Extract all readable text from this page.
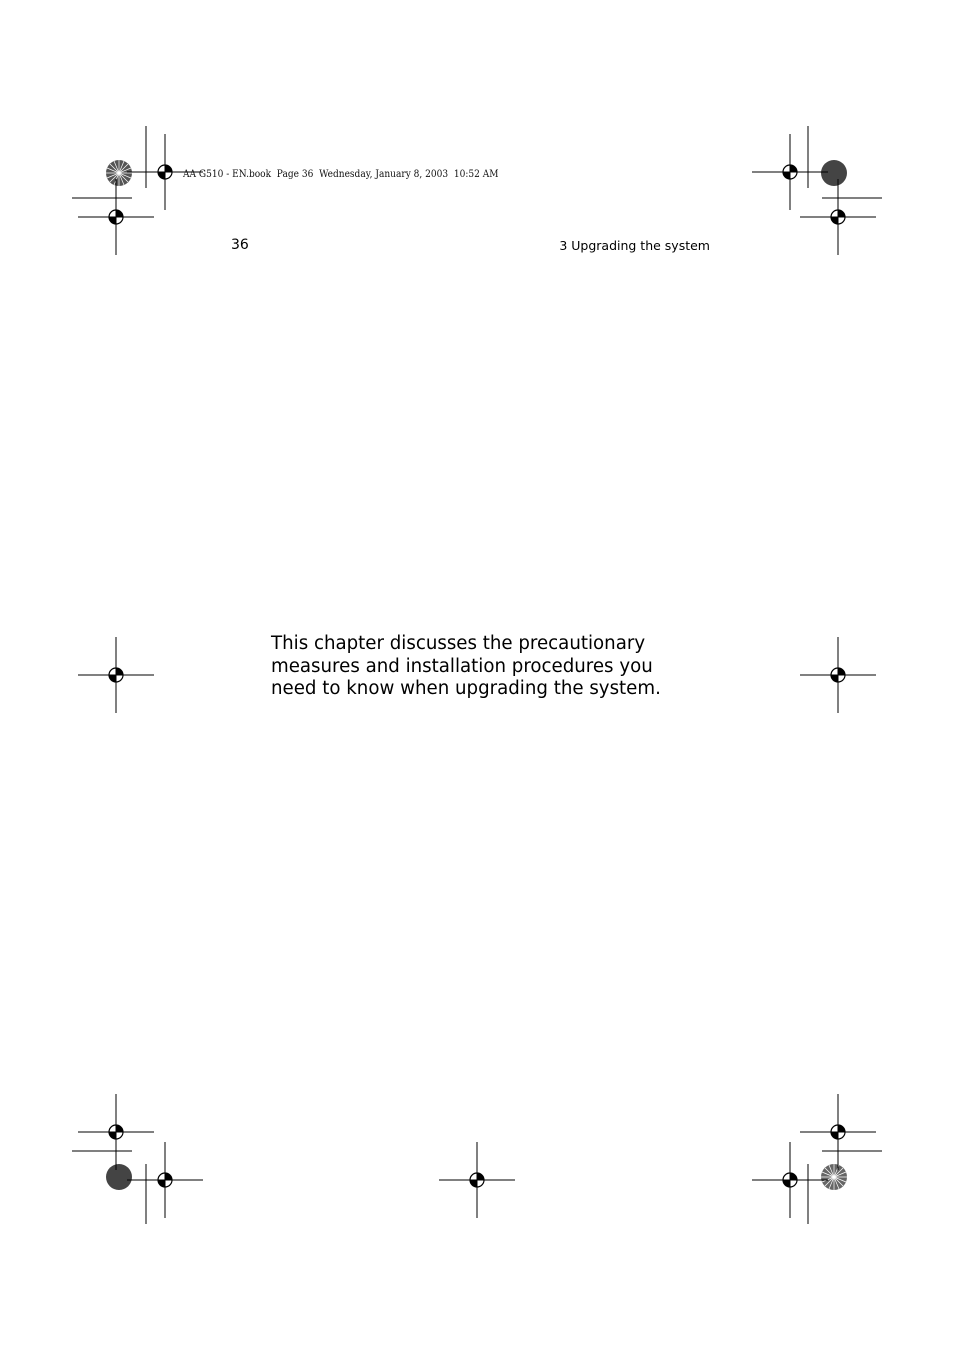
AA G510 - EN.book  Page 36  Wednesday, January 8, 2003  10:52 AM
36	3 Upgrading the system
This chapter discusses the precautionary
measures and installation procedures you
need to know when upgrading the system.
